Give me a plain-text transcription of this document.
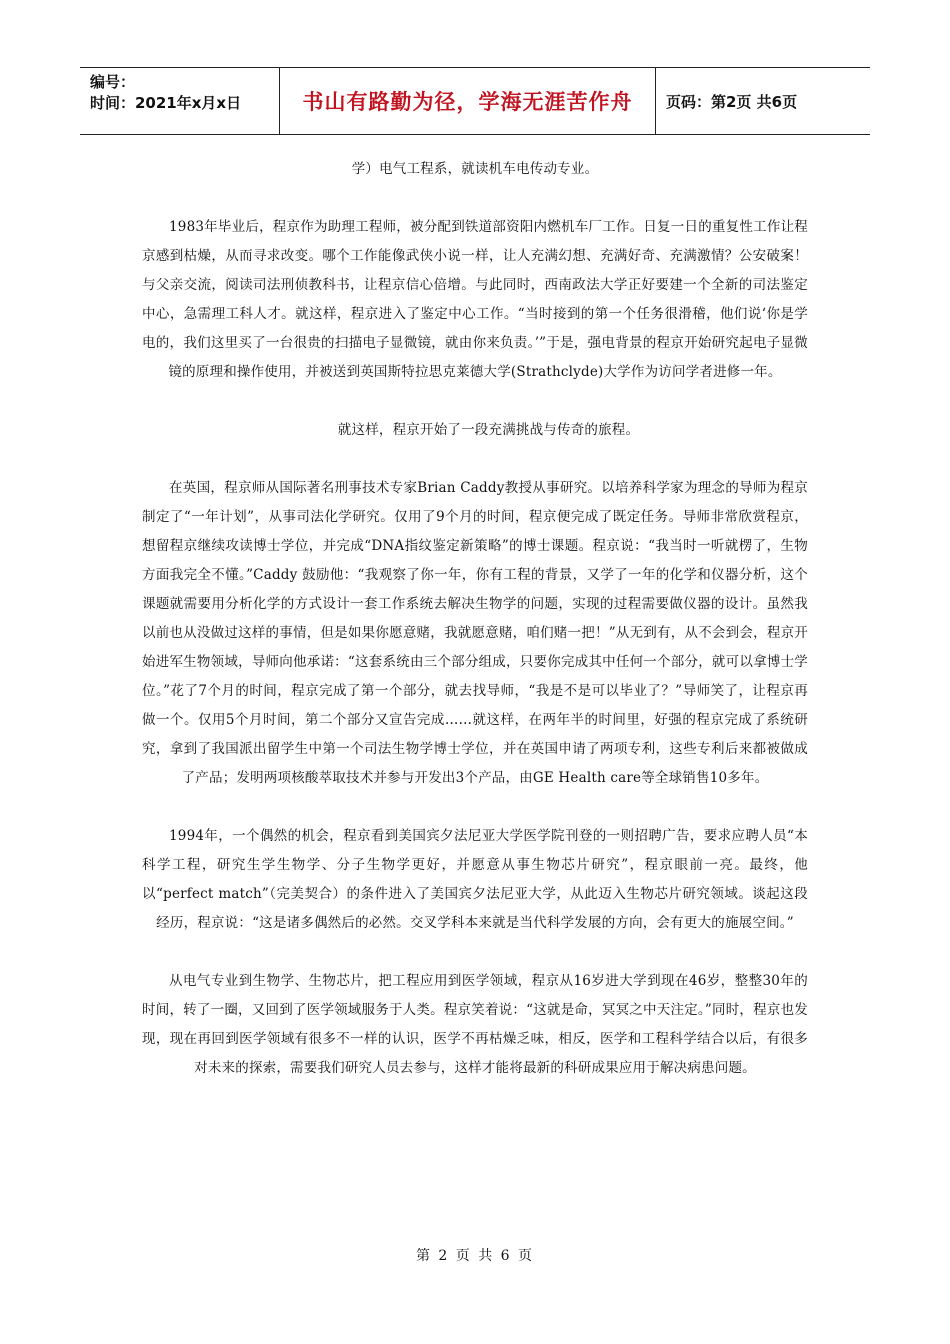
编号：
时间：2021年x月x日	书山有路勤为径，学海无涯苦作舟	页码：第2页 共6页

学）电气工程系，就读机车电传动专业。

1983年毕业后，程京作为助理工程师，被分配到铁道部资阳内燃机车厂工作。日复一日的重复性工作让程京感到枯燥，从而寻求改变。哪个工作能像武侠小说一样，让人充满幻想、充满好奇、充满激情？公安破案！与父亲交流，阅读司法刑侦教科书，让程京信心倍增。与此同时，西南政法大学正好要建一个全新的司法鉴定中心，急需理工科人才。就这样，程京进入了鉴定中心工作。“当时接到的第一个任务很滑稽，他们说‘你是学电的，我们这里买了一台很贵的扫描电子显微镜，就由你来负责。’”于是，强电背景的程京开始研究起电子显微镜的原理和操作使用，并被送到英国斯特拉思克莱德大学(Strathclyde)大学作为访问学者进修一年。

就这样，程京开始了一段充满挑战与传奇的旅程。

在英国，程京师从国际著名刑事技术专家Brian Caddy教授从事研究。以培养科学家为理念的导师为程京制定了“一年计划”，从事司法化学研究。仅用了9个月的时间，程京便完成了既定任务。导师非常欣赏程京，想留程京继续攻读博士学位，并完成“DNA指纹鉴定新策略”的博士课题。程京说：“我当时一听就楞了，生物方面我完全不懂。”Caddy 鼓励他：“我观察了你一年，你有工程的背景，又学了一年的化学和仪器分析，这个课题就需要用分析化学的方式设计一套工作系统去解决生物学的问题，实现的过程需要做仪器的设计。虽然我以前也从没做过这样的事情，但是如果你愿意赌，我就愿意赌，咱们赌一把！”从无到有，从不会到会，程京开始进军生物领域，导师向他承诺：“这套系统由三个部分组成，只要你完成其中任何一个部分，就可以拿博士学位。”花了7个月的时间，程京完成了第一个部分，就去找导师，“我是不是可以毕业了？”导师笑了，让程京再做一个。仅用5个月时间，第二个部分又宣告完成……就这样，在两年半的时间里，好强的程京完成了系统研究，拿到了我国派出留学生中第一个司法生物学博士学位，并在英国申请了两项专利，这些专利后来都被做成了产品；发明两项核酸萃取技术并参与开发出3个产品，由GE Health care等全球销售10多年。

1994年，一个偶然的机会，程京看到美国宾夕法尼亚大学医学院刊登的一则招聘广告，要求应聘人员“本科学工程，研究生学生物学、分子生物学更好，并愿意从事生物芯片研究”，程京眼前一亮。最终，他以“perfect match”（完美契合）的条件进入了美国宾夕法尼亚大学，从此迈入生物芯片研究领域。谈起这段经历，程京说：“这是诸多偶然后的必然。交叉学科本来就是当代科学发展的方向，会有更大的施展空间。”

从电气专业到生物学、生物芯片，把工程应用到医学领域，程京从16岁进大学到现在46岁，整整30年的时间，转了一圈，又回到了医学领域服务于人类。程京笑着说：“这就是命，冥冥之中天注定。”同时，程京也发现，现在再回到医学领域有很多不一样的认识，医学不再枯燥乏味，相反，医学和工程科学结合以后，有很多对未来的探索，需要我们研究人员去参与，这样才能将最新的科研成果应用于解决病患问题。

第 2 页 共 6 页
